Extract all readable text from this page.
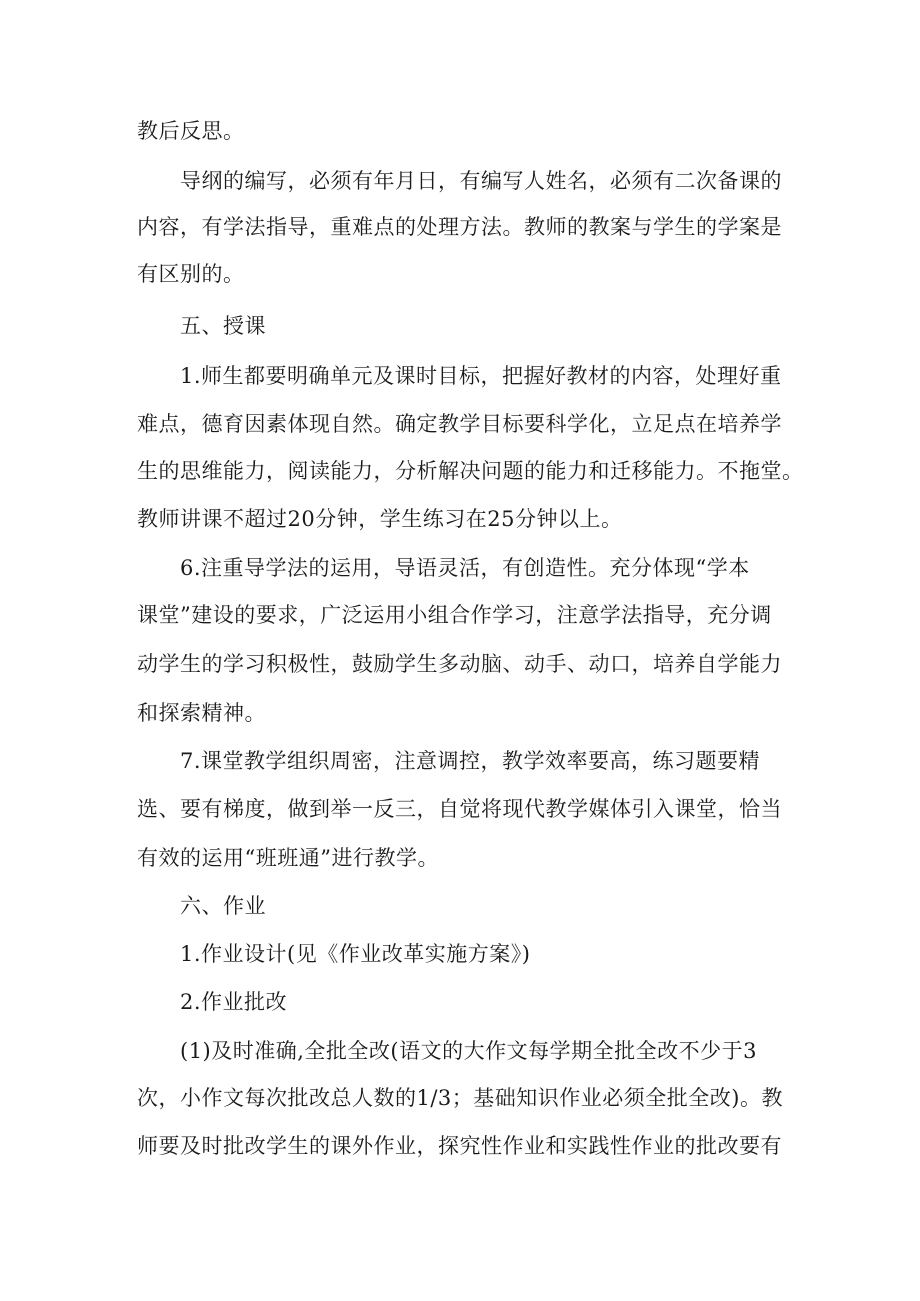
教后反思。
导纲的编写，必须有年月日，有编写人姓名，必须有二次备课的
内容，有学法指导，重难点的处理方法。教师的教案与学生的学案是
有区别的。
五、授课
1.师生都要明确单元及课时目标，把握好教材的内容，处理好重
难点，德育因素体现自然。确定教学目标要科学化，立足点在培养学
生的思维能力，阅读能力，分析解决问题的能力和迁移能力。不拖堂。
教师讲课不超过20分钟，学生练习在25分钟以上。
6.注重导学法的运用，导语灵活，有创造性。充分体现“学本
课堂”建设的要求，广泛运用小组合作学习，注意学法指导，充分调
动学生的学习积极性，鼓励学生多动脑、动手、动口，培养自学能力
和探索精神。
7.课堂教学组织周密，注意调控，教学效率要高，练习题要精
选、要有梯度，做到举一反三，自觉将现代教学媒体引入课堂，恰当
有效的运用“班班通”进行教学。
六、作业
1.作业设计(见《作业改革实施方案》)
2.作业批改
(1)及时准确,全批全改(语文的大作文每学期全批全改不少于3
次，小作文每次批改总人数的1/3；基础知识作业必须全批全改)。教
师要及时批改学生的课外作业，探究性作业和实践性作业的批改要有
